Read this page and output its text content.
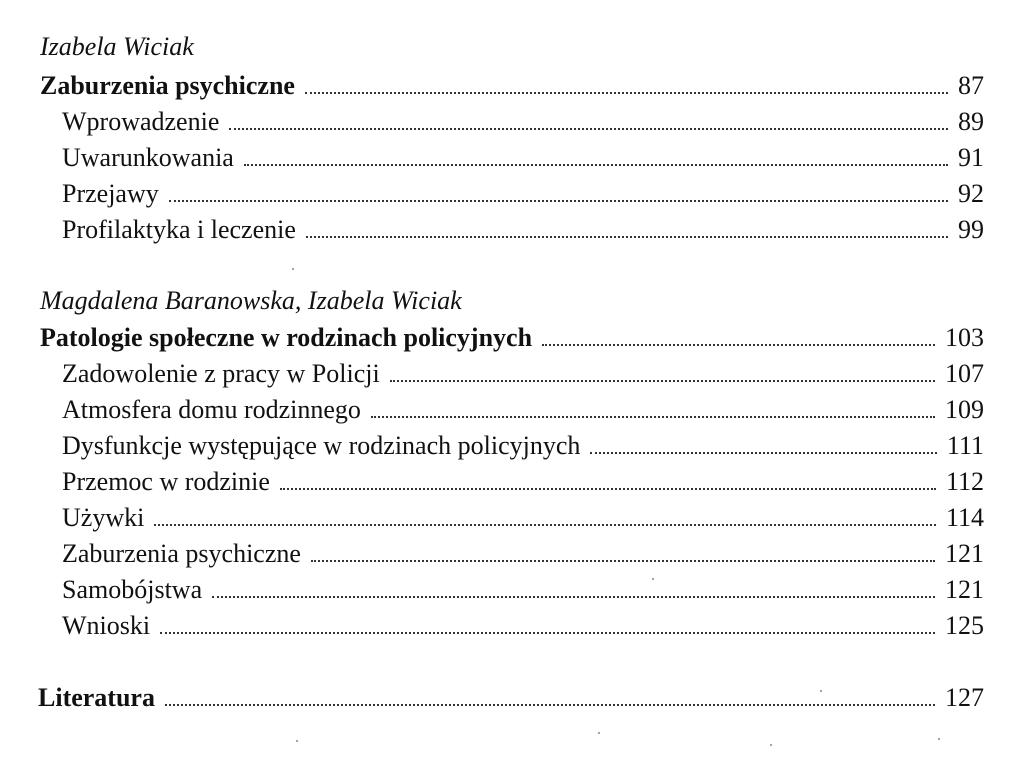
Izabela Wiciak
Zaburzenia psychiczne	87
Wprowadzenie	89
Uwarunkowania	91
Przejawy	92
Profilaktyka i leczenie	99
Magdalena Baranowska, Izabela Wiciak
Patologie społeczne w rodzinach policyjnych	103
Zadowolenie z pracy w Policji	107
Atmosfera domu rodzinnego	109
Dysfunkcje występujące w rodzinach policyjnych	111
Przemoc w rodzinie	112
Używki	114
Zaburzenia psychiczne	121
Samobójstwa	121
Wnioski	125
Literatura	127
